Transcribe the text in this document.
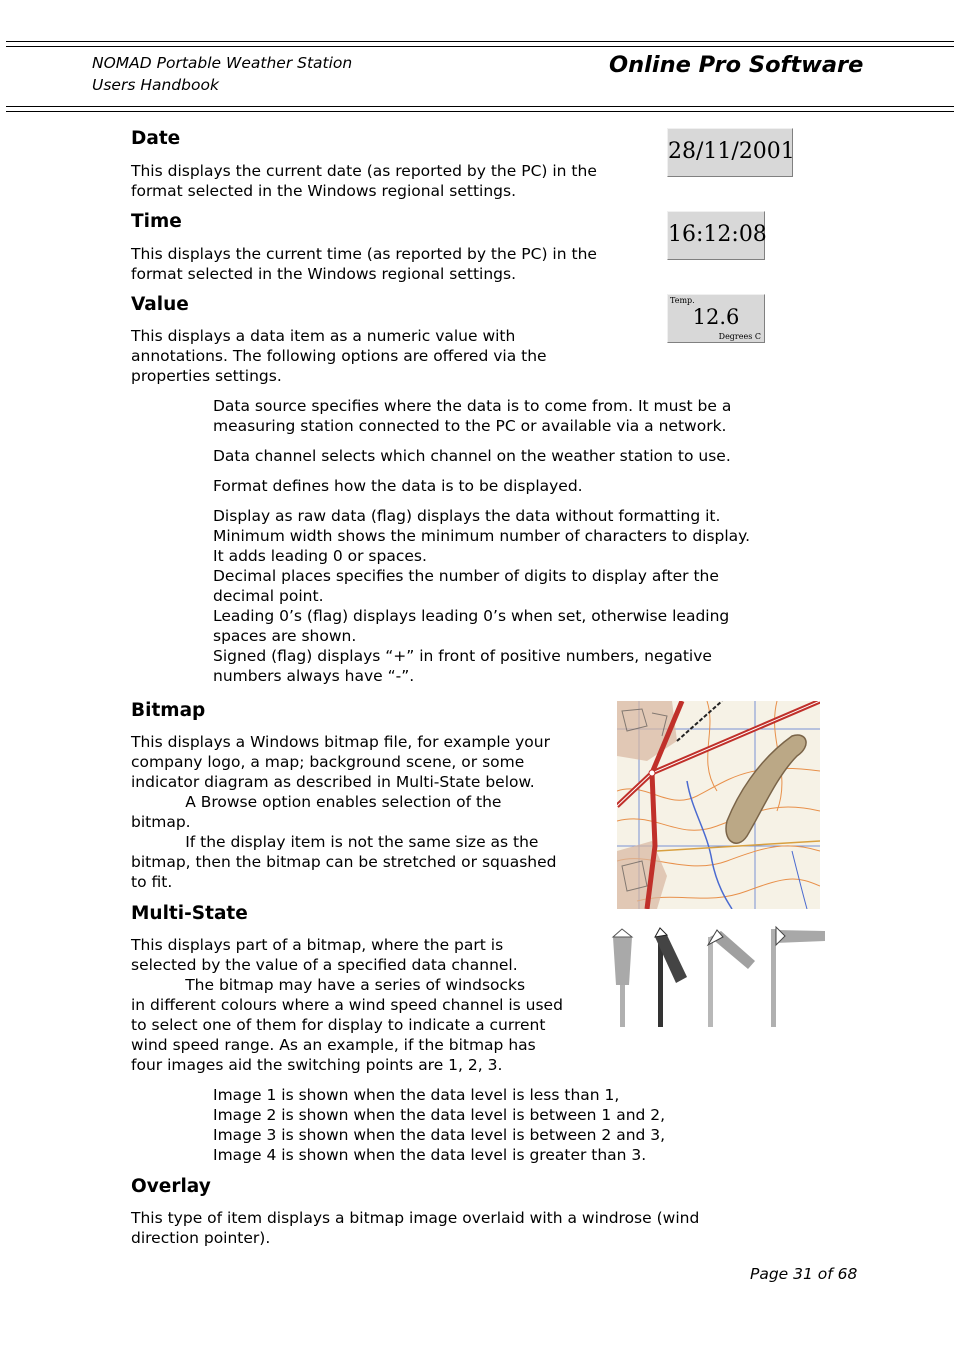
NOMAD Portable Weather Station
Users Handbook
Online Pro Software
Date
This displays the current date (as reported by the PC) in the
format selected in the Windows regional settings.
28/11/2001
Time
This displays the current time (as reported by the PC) in the
format selected in the Windows regional settings.
16:12:08
Value
This displays a data item as a numeric value with
annotations. The following options are offered via the
properties settings.
Temp.
12.6
Degrees C
Data source specifies where the data is to come from. It must be a
measuring station connected to the PC or available via a network.
Data channel selects which channel on the weather station to use.
Format defines how the data is to be displayed.
Display as raw data (flag) displays the data without formatting it.
Minimum width shows the minimum number of characters to display.
It adds leading 0 or spaces.
Decimal places specifies the number of digits to display after the
decimal point.
Leading 0’s (flag) displays leading 0’s when set, otherwise leading
spaces are shown.
Signed (flag) displays “+” in front of positive numbers, negative
numbers always have “-”.
Bitmap
This displays a Windows bitmap file, for example your
company logo, a map; background scene, or some
indicator diagram as described in Multi-State below.
A Browse option enables selection of the
bitmap.
If the display item is not the same size as the
bitmap, then the bitmap can be stretched or squashed
to fit.
Multi-State
This displays part of a bitmap, where the part is
selected by the value of a specified data channel.
The bitmap may have a series of windsocks
in different colours where a wind speed channel is used
to select one of them for display to indicate a current
wind speed range. As an example, if the bitmap has
four images aid the switching points are 1, 2, 3.
Image 1 is shown when the data level is less than 1,
Image 2 is shown when the data level is between 1 and 2,
Image 3 is shown when the data level is between 2 and 3,
Image 4 is shown when the data level is greater than 3.
Overlay
This type of item displays a bitmap image overlaid with a windrose (wind
direction pointer).
Page 31 of 68
